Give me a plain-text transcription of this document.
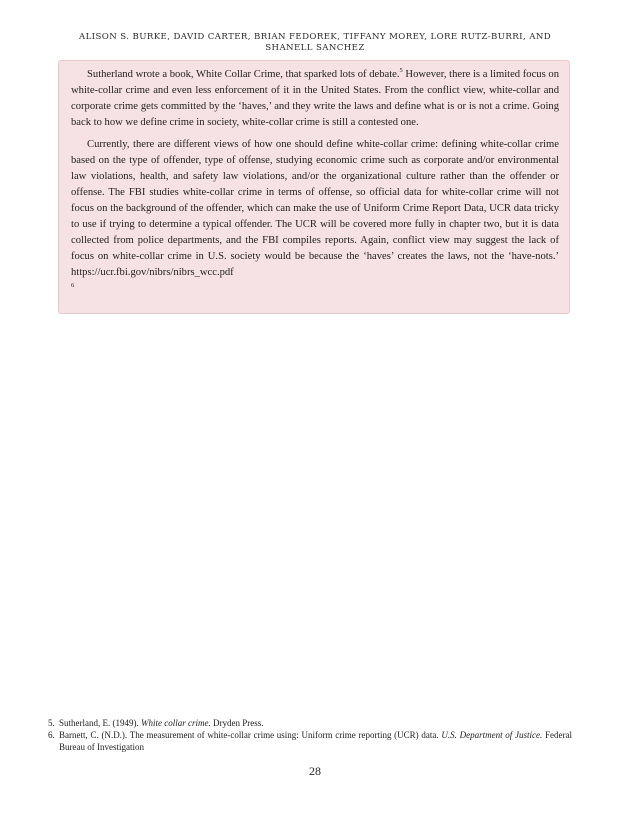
ALISON S. BURKE, DAVID CARTER, BRIAN FEDOREK, TIFFANY MOREY, LORE RUTZ-BURRI, AND SHANELL SANCHEZ

Sutherland wrote a book, White Collar Crime, that sparked lots of debate.$^5$ However, there is a limited focus on white-collar crime and even less enforcement of it in the United States. From the conflict view, white-collar and corporate crime gets committed by the ‘haves,’ and they write the laws and define what is or is not a crime. Going back to how we define crime in society, white-collar crime is still a contested one.

Currently, there are different views of how one should define white-collar crime: defining white-collar crime based on the type of offender, type of offense, studying economic crime such as corporate and/or environmental law violations, health, and safety law violations, and/or the organizational culture rather than the offender or offense. The FBI studies white-collar crime in terms of offense, so official data for white-collar crime will not focus on the background of the offender, which can make the use of Uniform Crime Report Data, UCR data tricky to use if trying to determine a typical offender. The UCR will be covered more fully in chapter two, but it is data collected from police departments, and the FBI compiles reports. Again, conflict view may suggest the lack of focus on white-collar crime in U.S. society would be because the ‘haves’ creates the laws, not the ‘have-nots.’ https://ucr.fbi.gov/nibrs/nibrs_wcc.pdf

6
5. Sutherland, E. (1949). White collar crime. Dryden Press.
6. Barnett, C. (N.D.). The measurement of white-collar crime using: Uniform crime reporting (UCR) data. U.S. Department of Justice. Federal Bureau of Investigation
28
